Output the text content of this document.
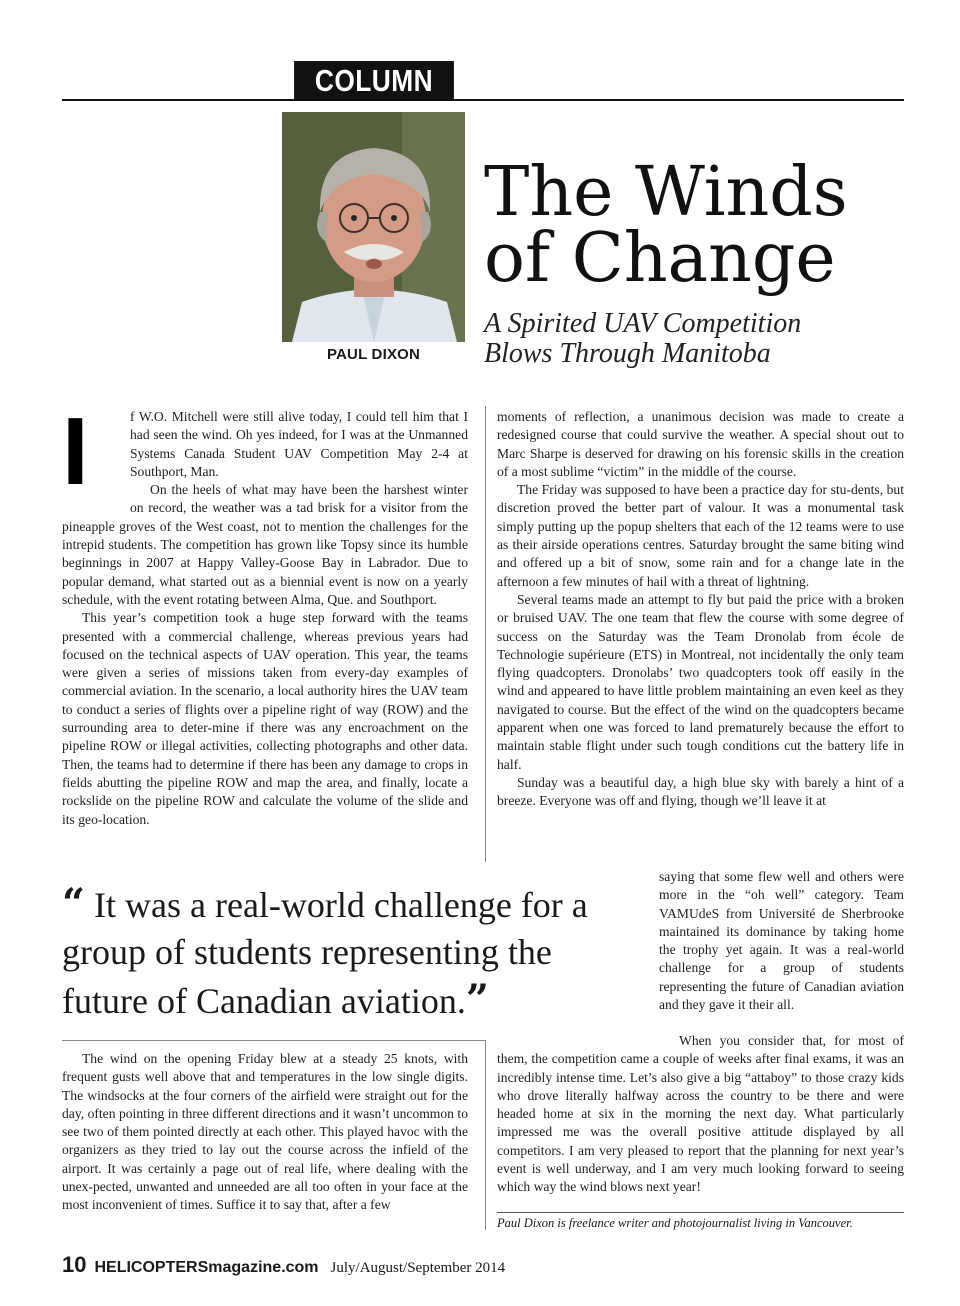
COLUMN
PAUL DIXON
The Winds
of Change
A Spirited UAV Competition
Blows Through Manitoba
I	f W.O. Mitchell were still alive today, I could tell him that I had seen the wind. Oh yes indeed, for I was at the Unmanned Systems Canada Student UAV Competition May 2-4 at Southport, Man.

On the heels of what may have been the harshest winter on record, the weather was a tad brisk for a visitor from the pineapple groves of the West coast, not to mention the challenges for the intrepid students. The competition has grown like Topsy since its humble beginnings in 2007 at Happy Valley-Goose Bay in Labrador. Due to popular demand, what started out as a biennial event is now on a yearly schedule, with the event rotating between Alma, Que. and Southport.

This year’s competition took a huge step forward with the teams presented with a commercial challenge, whereas previous years had focused on the technical aspects of UAV operation. This year, the teams were given a series of missions taken from every-day examples of commercial aviation. In the scenario, a local authority hires the UAV team to conduct a series of flights over a pipeline right of way (ROW) and the surrounding area to deter-mine if there was any encroachment on the pipeline ROW or illegal activities, collecting photographs and other data. Then, the teams had to determine if there has been any damage to crops in fields abutting the pipeline ROW and map the area, and finally, locate a rockslide on the pipeline ROW and calculate the volume of the slide and its geo-location.

moments of reflection, a unanimous decision was made to create a redesigned course that could survive the weather. A special shout out to Marc Sharpe is deserved for drawing on his forensic skills in the creation of a most sublime “victim” in the middle of the course.

The Friday was supposed to have been a practice day for stu-dents, but discretion proved the better part of valour. It was a monumental task simply putting up the popup shelters that each of the 12 teams were to use as their airside operations centres. Saturday brought the same biting wind and offered up a bit of snow, some rain and for a change late in the afternoon a few minutes of hail with a threat of lightning.

Several teams made an attempt to fly but paid the price with a broken or bruised UAV. The one team that flew the course with some degree of success on the Saturday was the Team Dronolab from école de Technologie supérieure (ETS) in Montreal, not incidentally the only team flying quadcopters. Dronolabs’ two quadcopters took off easily in the wind and appeared to have little problem maintaining an even keel as they navigated to course. But the effect of the wind on the quadcopters became apparent when one was forced to land prematurely because the effort to maintain stable flight under such tough conditions cut the battery life in half.

Sunday was a beautiful day, a high blue sky with barely a hint of a breeze. Everyone was off and flying, though we’ll leave it at

“ It was a real-world challenge for a group of students representing the future of Canadian aviation.”

saying that some flew well and others were more in the “oh well” category. Team VAMUdeS from Université de Sherbrooke maintained its dominance by taking home the trophy yet again. It was a real-world challenge for a group of students representing the future of Canadian aviation and they gave it their all.

The wind on the opening Friday blew at a steady 25 knots, with frequent gusts well above that and temperatures in the low single digits. The windsocks at the four corners of the airfield were straight out for the day, often pointing in three different directions and it wasn’t uncommon to see two of them pointed directly at each other. This played havoc with the organizers as they tried to lay out the course across the infield of the airport. It was certainly a page out of real life, where dealing with the unex-pected, unwanted and unneeded are all too often in your face at the most inconvenient of times. Suffice it to say that, after a few

When you consider that, for most of them, the competition came a couple of weeks after final exams, it was an incredibly intense time. Let’s also give a big “attaboy” to those crazy kids who drove literally halfway across the country to be there and were headed home at six in the morning the next day. What particularly impressed me was the overall positive attitude displayed by all competitors. I am very pleased to report that the planning for next year’s event is well underway, and I am very much looking forward to seeing which way the wind blows next year!

Paul Dixon is freelance writer and photojournalist living in Vancouver.
10 HELICOPTERSmagazine.com July/August/September 2014
